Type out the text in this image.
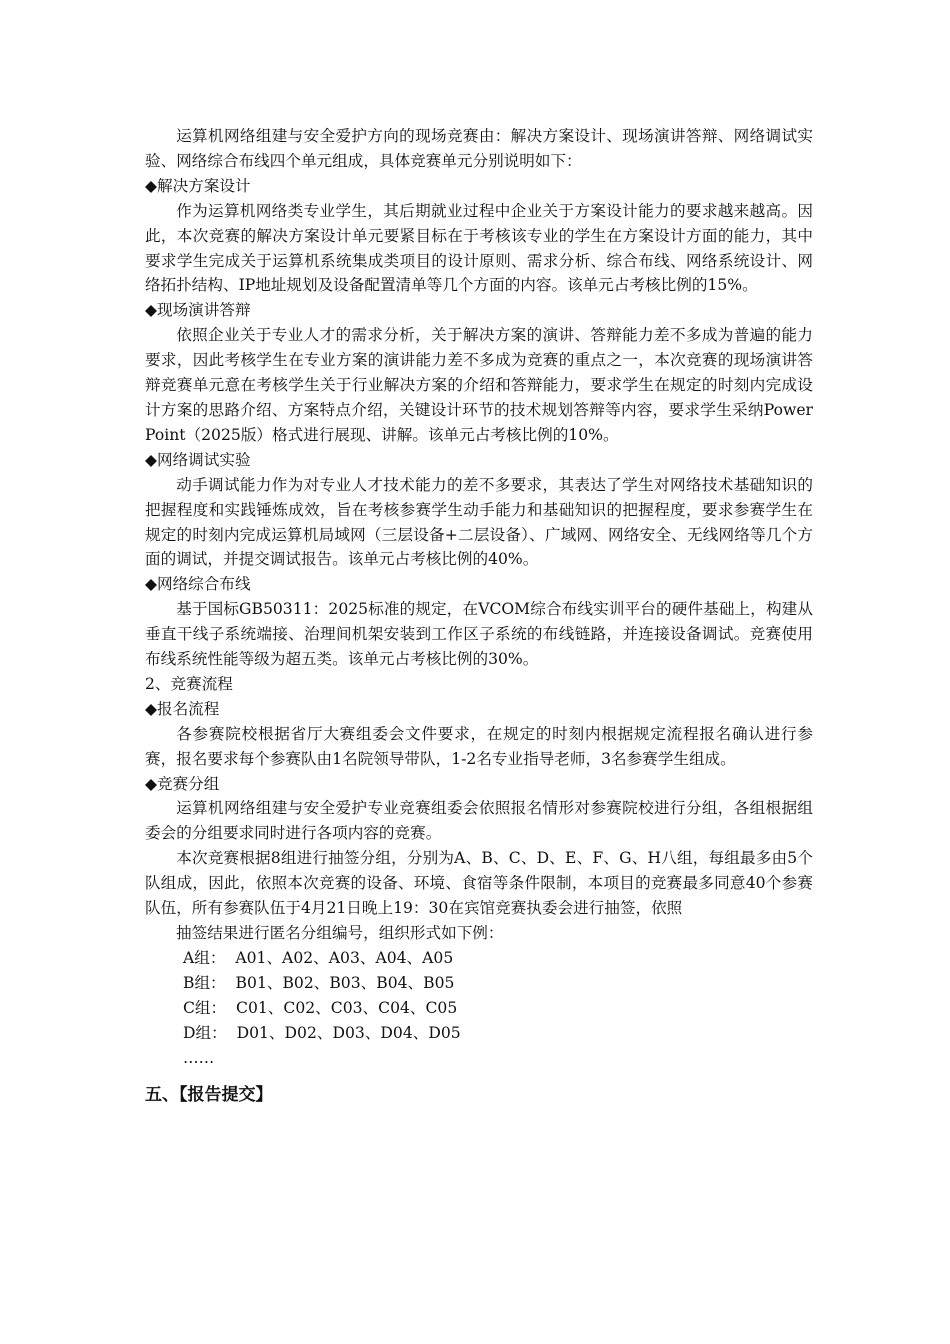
运算机网络组建与安全爱护方向的现场竞赛由：解决方案设计、现场演讲答辩、网络调试实验、网络综合布线四个单元组成，具体竞赛单元分别说明如下：

◆解决方案设计

作为运算机网络类专业学生，其后期就业过程中企业关于方案设计能力的要求越来越高。因此，本次竞赛的解决方案设计单元要紧目标在于考核该专业的学生在方案设计方面的能力，其中要求学生完成关于运算机系统集成类项目的设计原则、需求分析、综合布线、网络系统设计、网络拓扑结构、IP地址规划及设备配置清单等几个方面的内容。该单元占考核比例的15%。

◆现场演讲答辩

依照企业关于专业人才的需求分析，关于解决方案的演讲、答辩能力差不多成为普遍的能力要求，因此考核学生在专业方案的演讲能力差不多成为竞赛的重点之一，本次竞赛的现场演讲答辩竞赛单元意在考核学生关于行业解决方案的介绍和答辩能力，要求学生在规定的时刻内完成设计方案的思路介绍、方案特点介绍，关键设计环节的技术规划答辩等内容，要求学生采纳Power Point（2025版）格式进行展现、讲解。该单元占考核比例的10%。

◆网络调试实验

动手调试能力作为对专业人才技术能力的差不多要求，其表达了学生对网络技术基础知识的把握程度和实践锤炼成效，旨在考核参赛学生动手能力和基础知识的把握程度，要求参赛学生在规定的时刻内完成运算机局域网（三层设备+二层设备）、广域网、网络安全、无线网络等几个方面的调试，并提交调试报告。该单元占考核比例的40%。

◆网络综合布线

基于国标GB50311：2025标准的规定，在VCOM综合布线实训平台的硬件基础上，构建从垂直干线子系统端接、治理间机架安装到工作区子系统的布线链路，并连接设备调试。竞赛使用布线系统性能等级为超五类。该单元占考核比例的30%。

2、竞赛流程

◆报名流程

各参赛院校根据省厅大赛组委会文件要求，在规定的时刻内根据规定流程报名确认进行参赛，报名要求每个参赛队由1名院领导带队，1-2名专业指导老师，3名参赛学生组成。

◆竞赛分组

运算机网络组建与安全爱护专业竞赛组委会依照报名情形对参赛院校进行分组，各组根据组委会的分组要求同时进行各项内容的竞赛。

本次竞赛根据8组进行抽签分组，分别为A、B、C、D、E、F、G、H八组，每组最多由5个队组成，因此，依照本次竞赛的设备、环境、食宿等条件限制，本项目的竞赛最多同意40个参赛队伍，所有参赛队伍于4月21日晚上19：30在宾馆竞赛执委会进行抽签，依照

抽签结果进行匿名分组编号，组织形式如下例：

A组：  A01、A02、A03、A04、A05

B组：  B01、B02、B03、B04、B05

C组：  C01、C02、C03、C04、C05

D组：  D01、D02、D03、D04、D05

……

五、【报告提交】
